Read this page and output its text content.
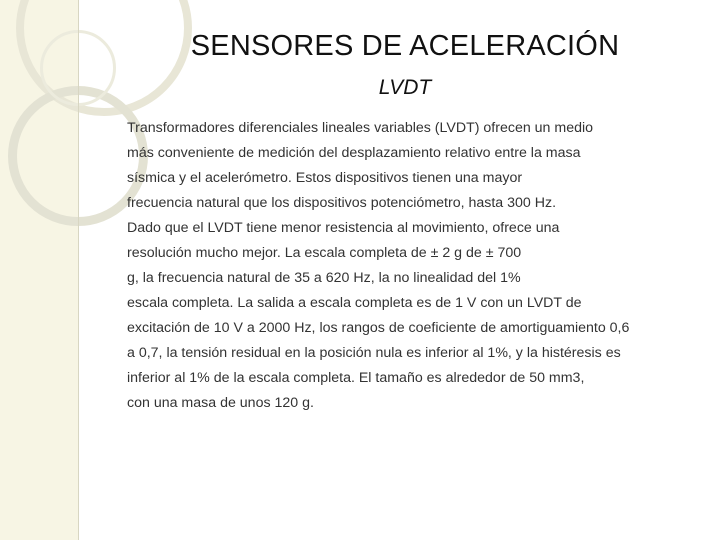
SENSORES DE ACELERACIÓN
LVDT
Transformadores diferenciales lineales variables (LVDT) ofrecen un medio
más conveniente de medición del desplazamiento relativo entre la masa
sísmica y el acelerómetro. Estos dispositivos tienen una mayor
frecuencia natural que los dispositivos potenciómetro, hasta 300 Hz.
Dado que el LVDT tiene menor resistencia al movimiento, ofrece una
resolución mucho mejor. La escala completa de ± 2 g de ± 700
g, la frecuencia natural de 35 a 620 Hz, la no linealidad del 1%
escala completa. La salida a escala completa es de 1 V con un LVDT de
excitación de 10 V a 2000 Hz, los rangos de coeficiente de amortiguamiento 0,6
a 0,7, la tensión residual en la posición nula es inferior al 1%, y la histéresis es
inferior al 1% de la escala completa. El tamaño es alrededor de 50 mm3,
con una masa de unos 120 g.
